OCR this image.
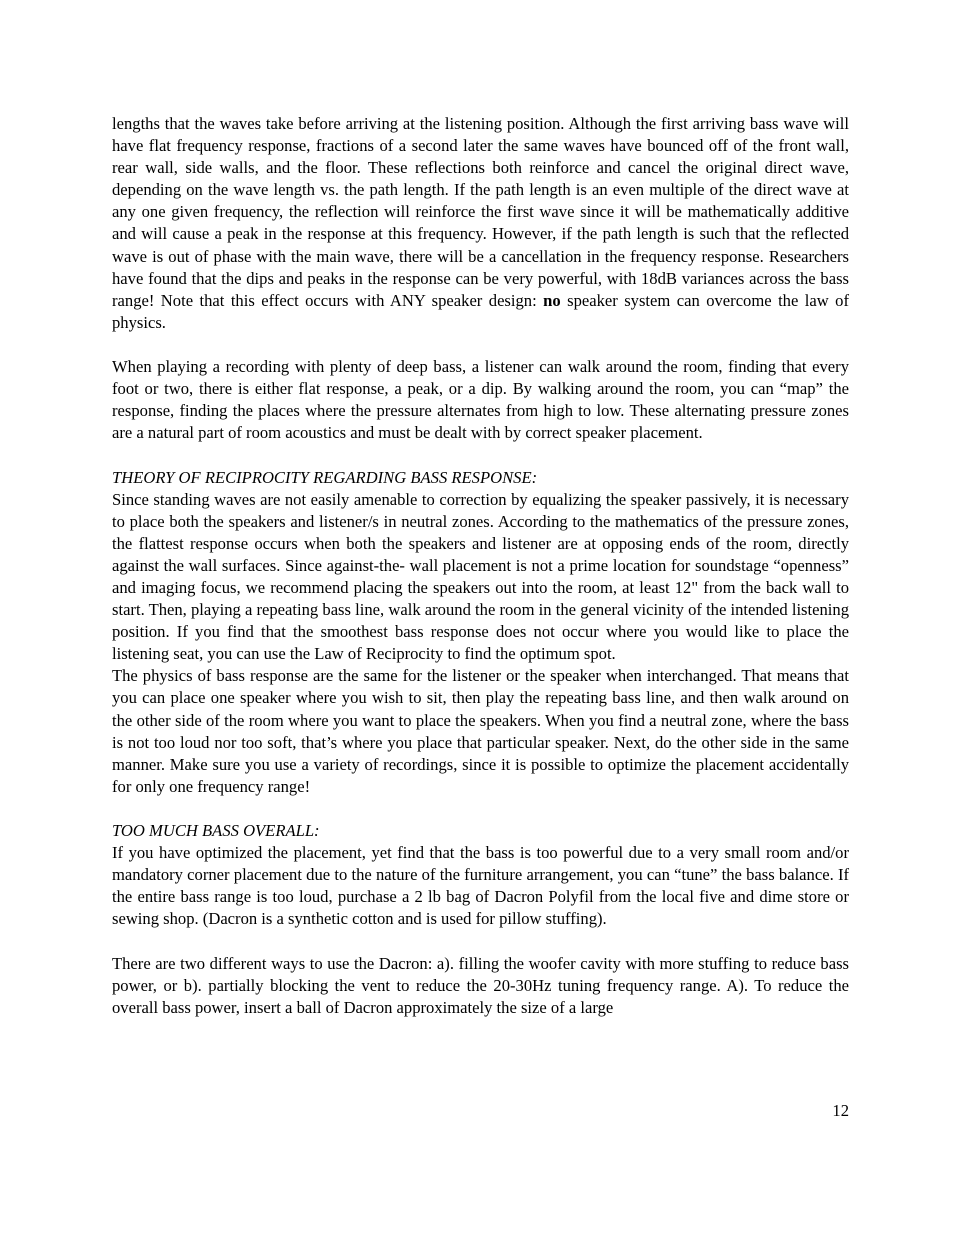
lengths that the waves take before arriving at the listening position. Although the first arriving bass wave will have flat frequency response, fractions of a second later the same waves have bounced off of the front wall, rear wall, side walls, and the floor. These reflections both reinforce and cancel the original direct wave, depending on the wave length vs. the path length. If the path length is an even multiple of the direct wave at any one given frequency, the reflection will reinforce the first wave since it will be mathematically additive and will cause a peak in the response at this frequency. However, if the path length is such that the reflected wave is out of phase with the main wave, there will be a cancellation in the frequency response. Researchers have found that the dips and peaks in the response can be very powerful, with 18dB variances across the bass range! Note that this effect occurs with ANY speaker design: no speaker system can overcome the law of physics.

When playing a recording with plenty of deep bass, a listener can walk around the room, finding that every foot or two, there is either flat response, a peak, or a dip. By walking around the room, you can “map” the response, finding the places where the pressure alternates from high to low. These alternating pressure zones are a natural part of room acoustics and must be dealt with by correct speaker placement.

THEORY OF RECIPROCITY REGARDING BASS RESPONSE:

Since standing waves are not easily amenable to correction by equalizing the speaker passively, it is necessary to place both the speakers and listener/s in neutral zones. According to the mathematics of the pressure zones, the flattest response occurs when both the speakers and listener are at opposing ends of the room, directly against the wall surfaces. Since against-the- wall placement is not a prime location for soundstage “openness” and imaging focus, we recommend placing the speakers out into the room, at least 12" from the back wall to start. Then, playing a repeating bass line, walk around the room in the general vicinity of the intended listening position. If you find that the smoothest bass response does not occur where you would like to place the listening seat, you can use the Law of Reciprocity to find the optimum spot.

The physics of bass response are the same for the listener or the speaker when interchanged. That means that you can place one speaker where you wish to sit, then play the repeating bass line, and then walk around on the other side of the room where you want to place the speakers. When you find a neutral zone, where the bass is not too loud nor too soft, that’s where you place that particular speaker. Next, do the other side in the same manner. Make sure you use a variety of recordings, since it is possible to optimize the placement accidentally for only one frequency range!

TOO MUCH BASS OVERALL:

If you have optimized the placement, yet find that the bass is too powerful due to a very small room and/or mandatory corner placement due to the nature of the furniture arrangement, you can “tune” the bass balance. If the entire bass range is too loud, purchase a 2 lb bag of Dacron Polyfil from the local five and dime store or sewing shop. (Dacron is a synthetic cotton and is used for pillow stuffing).

There are two different ways to use the Dacron: a). filling the woofer cavity with more stuffing to reduce bass power, or b). partially blocking the vent to reduce the 20-30Hz tuning frequency range. A). To reduce the overall bass power, insert a ball of Dacron approximately the size of a large

12
